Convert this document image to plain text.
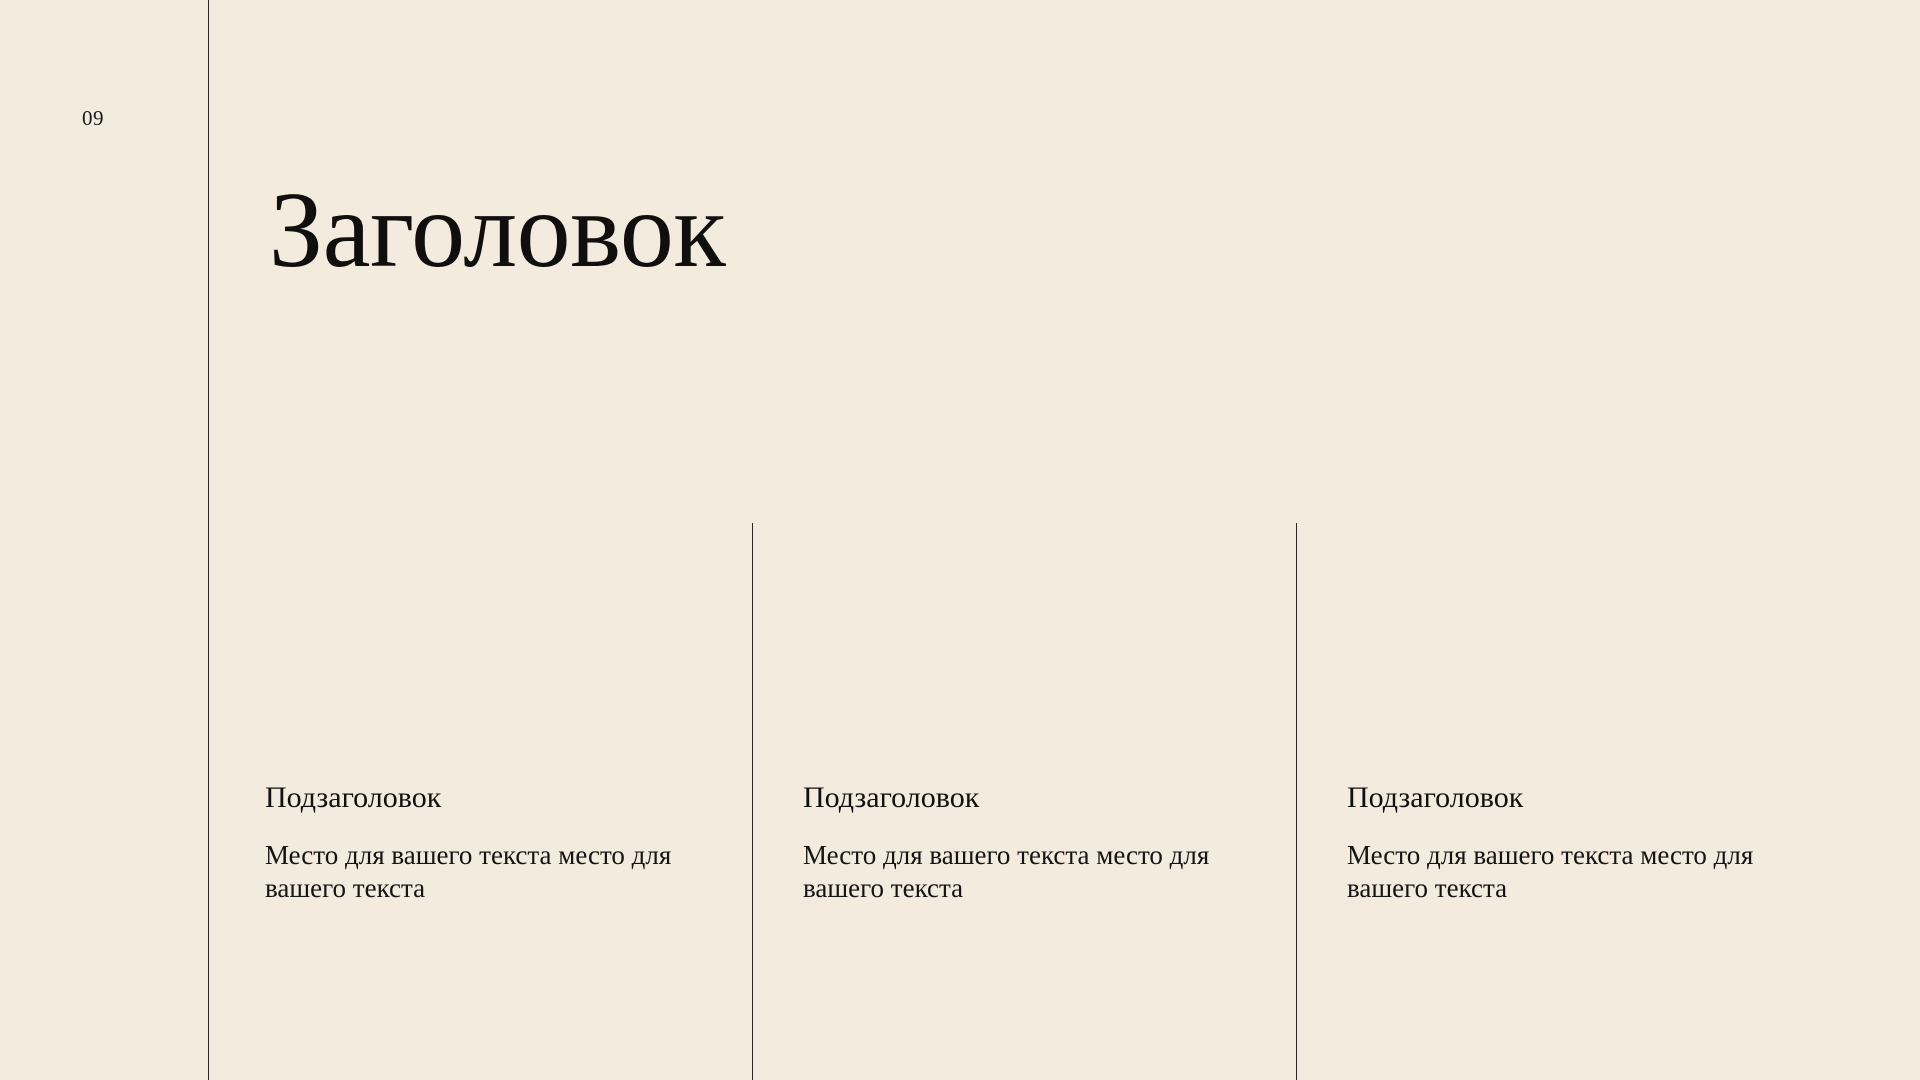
09
Заголовок
Подзаголовок

Место для вашего текста место для вашего текста

Подзаголовок

Место для вашего текста место для вашего текста

Подзаголовок

Место для вашего текста место для вашего текста
